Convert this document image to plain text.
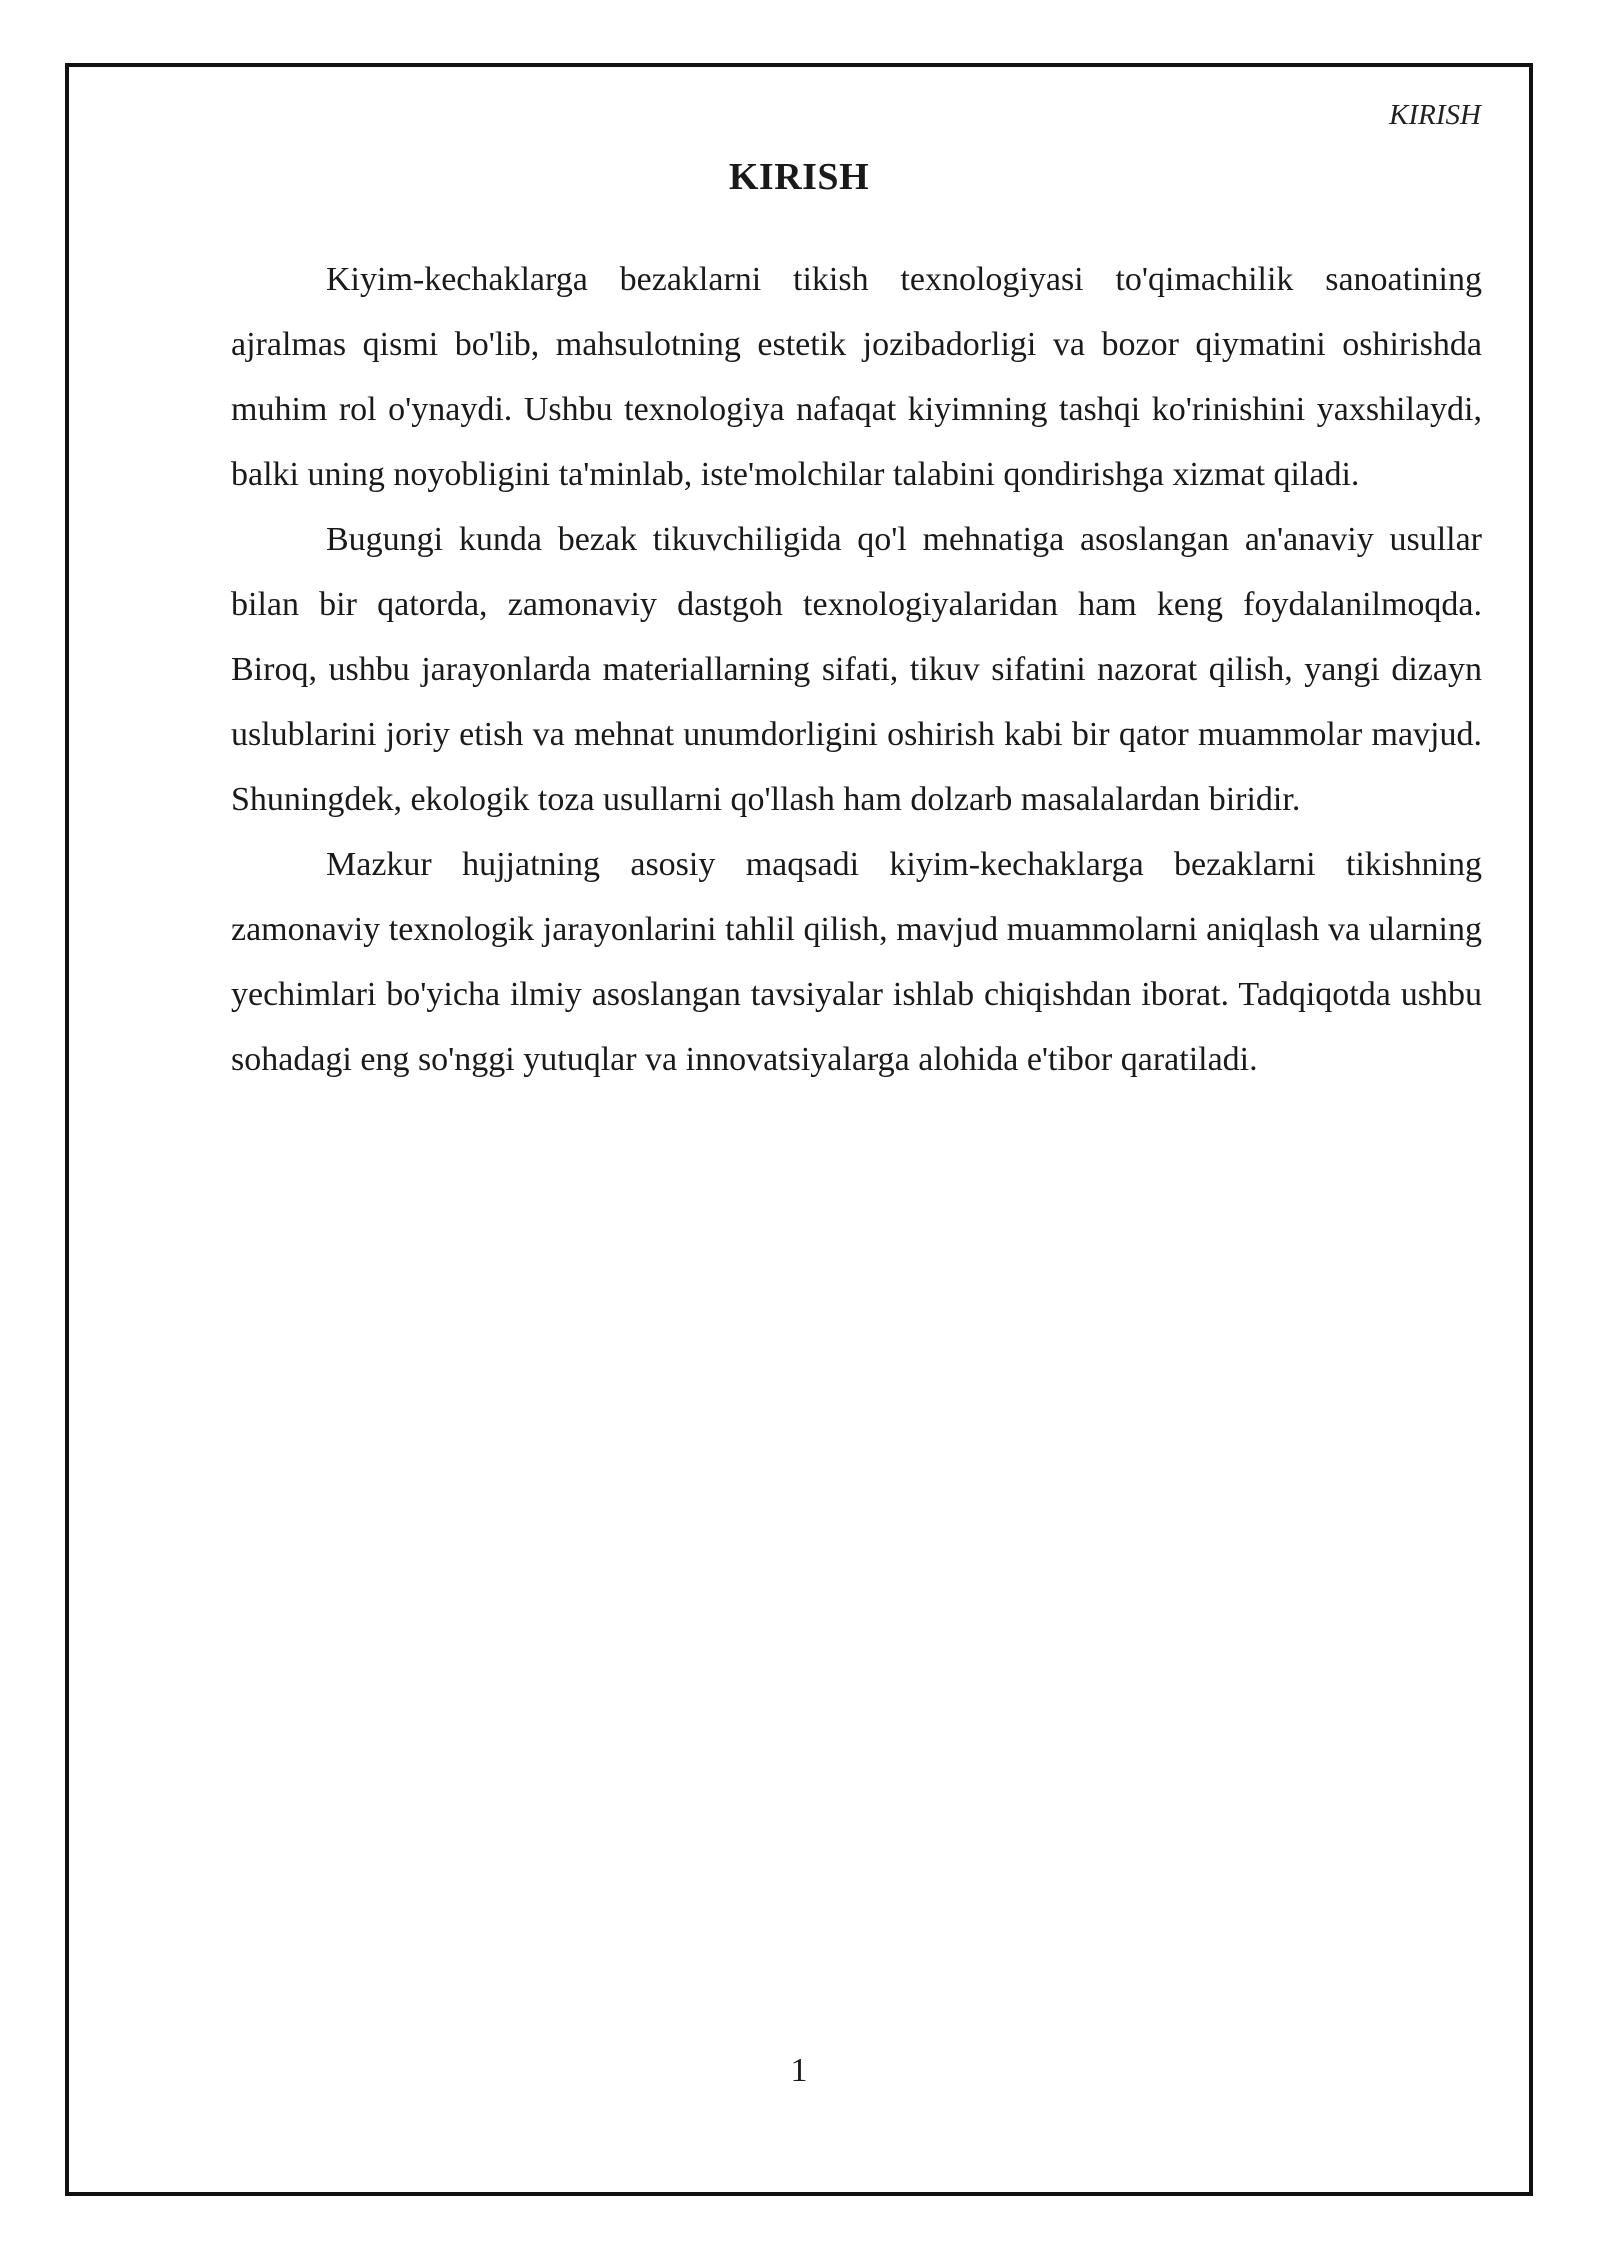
KIRISH
KIRISH

Kiyim-kechaklarga bezaklarni tikish texnologiyasi to'qimachilik sanoatining ajralmas qismi bo'lib, mahsulotning estetik jozibadorligi va bozor qiymatini oshirishda muhim rol o'ynaydi. Ushbu texnologiya nafaqat kiyimning tashqi ko'rinishini yaxshilaydi, balki uning noyobligini ta'minlab, iste'molchilar talabini qondirishga xizmat qiladi.

Bugungi kunda bezak tikuvchiligida qo'l mehnatiga asoslangan an'anaviy usullar bilan bir qatorda, zamonaviy dastgoh texnologiyalaridan ham keng foydalanilmoqda. Biroq, ushbu jarayonlarda materiallarning sifati, tikuv sifatini nazorat qilish, yangi dizayn uslublarini joriy etish va mehnat unumdorligini oshirish kabi bir qator muammolar mavjud. Shuningdek, ekologik toza usullarni qo'llash ham dolzarb masalalardan biridir.

Mazkur hujjatning asosiy maqsadi kiyim-kechaklarga bezaklarni tikishning zamonaviy texnologik jarayonlarini tahlil qilish, mavjud muammolarni aniqlash va ularning yechimlari bo'yicha ilmiy asoslangan tavsiyalar ishlab chiqishdan iborat. Tadqiqotda ushbu sohadagi eng so'nggi yutuqlar va innovatsiyalarga alohida e'tibor qaratiladi.

1
